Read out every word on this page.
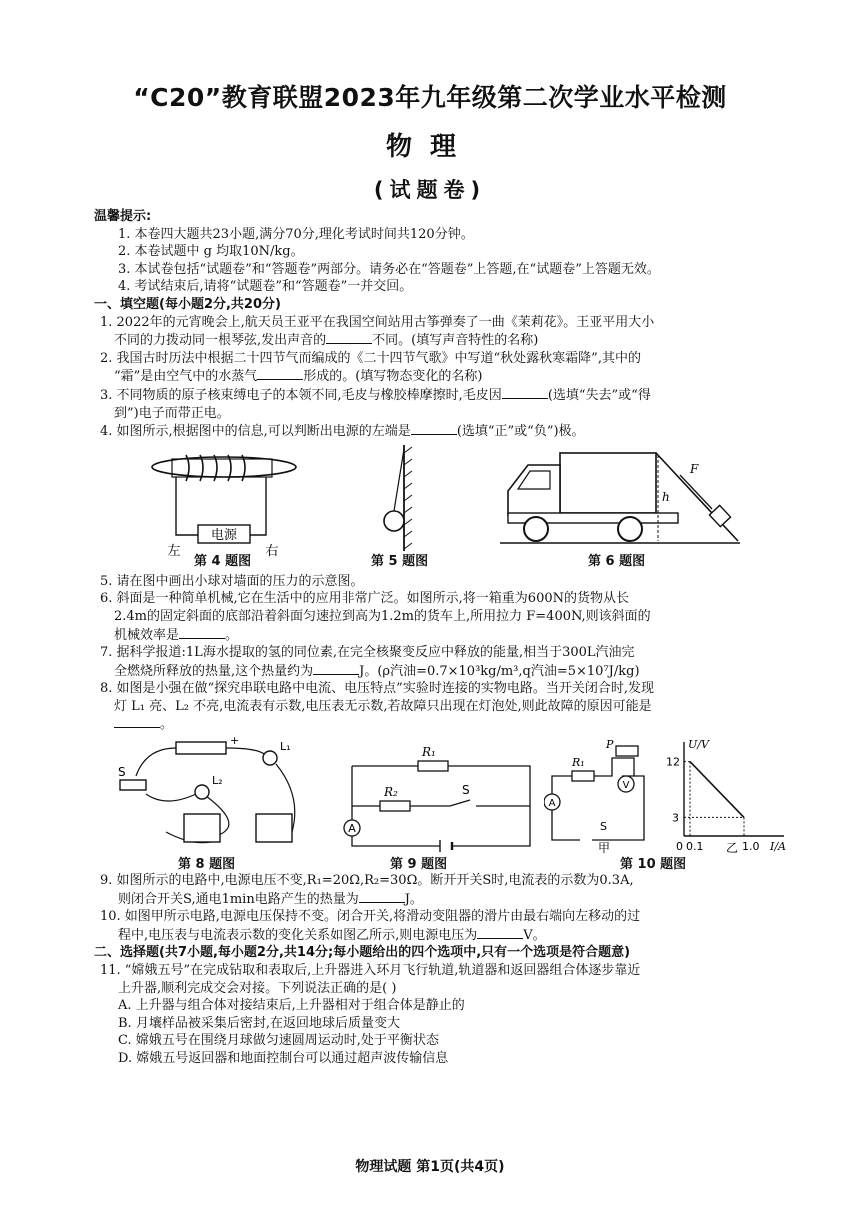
“C20”教育联盟2023年九年级第二次学业水平检测
物理
(试题卷)
温馨提示:
1. 本卷四大题共23小题,满分70分,理化考试时间共120分钟。
2. 本卷试题中 g 均取10N/kg。
3. 本试卷包括“试题卷”和“答题卷”两部分。请务必在“答题卷”上答题,在“试题卷”上答题无效。
4. 考试结束后,请将“试题卷”和“答题卷”一并交回。
一、填空题(每小题2分,共20分)
1. 2022年的元宵晚会上,航天员王亚平在我国空间站用古筝弹奏了一曲《茉莉花》。王亚平用大小
不同的力拨动同一根琴弦,发出声音的	不同。(填写声音特性的名称)
2. 我国古时历法中根据二十四节气而编成的《二十四节气歌》中写道“秋处露秋寒霜降”,其中的
“霜”是由空气中的水蒸气	形成的。(填写物态变化的名称)
3. 不同物质的原子核束缚电子的本领不同,毛皮与橡胶棒摩擦时,毛皮因	(选填“失去”或“得
到”)电子而带正电。
4. 如图所示,根据图中的信息,可以判断出电源的左端是	(选填“正”或“负”)极。
电源
左	右
第 4 题图	第 5 题图
F
h
第 6 题图
5. 请在图中画出小球对墙面的压力的示意图。
6. 斜面是一种简单机械,它在生活中的应用非常广泛。如图所示,将一箱重为600N的货物从长
2.4m的固定斜面的底部沿着斜面匀速拉到高为1.2m的货车上,所用拉力 F=400N,则该斜面的
机械效率是	。
7. 据科学报道:1L海水提取的氢的同位素,在完全核聚变反应中释放的能量,相当于300L汽油完
全燃烧所释放的热量,这个热量约为	J。(ρ汽油=0.7×10³kg/m³,q汽油=5×10⁷J/kg)
8. 如图是小强在做“探究串联电路中电流、电压特点”实验时连接的实物电路。当开关闭合时,发现
灯 L₁ 亮、L₂ 不亮,电流表有示数,电压表无示数,若故障只出现在灯泡处,则此故障的原因可能是
。
+	L₁
S
L₂
第 8 题图
R₁
R₂	S
A
第 9 题图
R₁
P
V
A
S
甲
U/V
I/A
12
3
0 0.1	1.0
乙
第 10 题图
9. 如图所示的电路中,电源电压不变,R₁=20Ω,R₂=30Ω。断开开关S时,电流表的示数为0.3A,
则闭合开关S,通电1min电路产生的热量为	J。
10. 如图甲所示电路,电源电压保持不变。闭合开关,将滑动变阻器的滑片由最右端向左移动的过
程中,电压表与电流表示数的变化关系如图乙所示,则电源电压为	V。
二、选择题(共7小题,每小题2分,共14分;每小题给出的四个选项中,只有一个选项是符合题意)
11. “嫦娥五号”在完成钻取和表取后,上升器进入环月飞行轨道,轨道器和返回器组合体逐步靠近
上升器,顺利完成交会对接。下列说法正确的是( )
A. 上升器与组合体对接结束后,上升器相对于组合体是静止的
B. 月壤样品被采集后密封,在返回地球后质量变大
C. 嫦娥五号在围绕月球做匀速圆周运动时,处于平衡状态
D. 嫦娥五号返回器和地面控制台可以通过超声波传输信息
物理试题 第1页(共4页)
